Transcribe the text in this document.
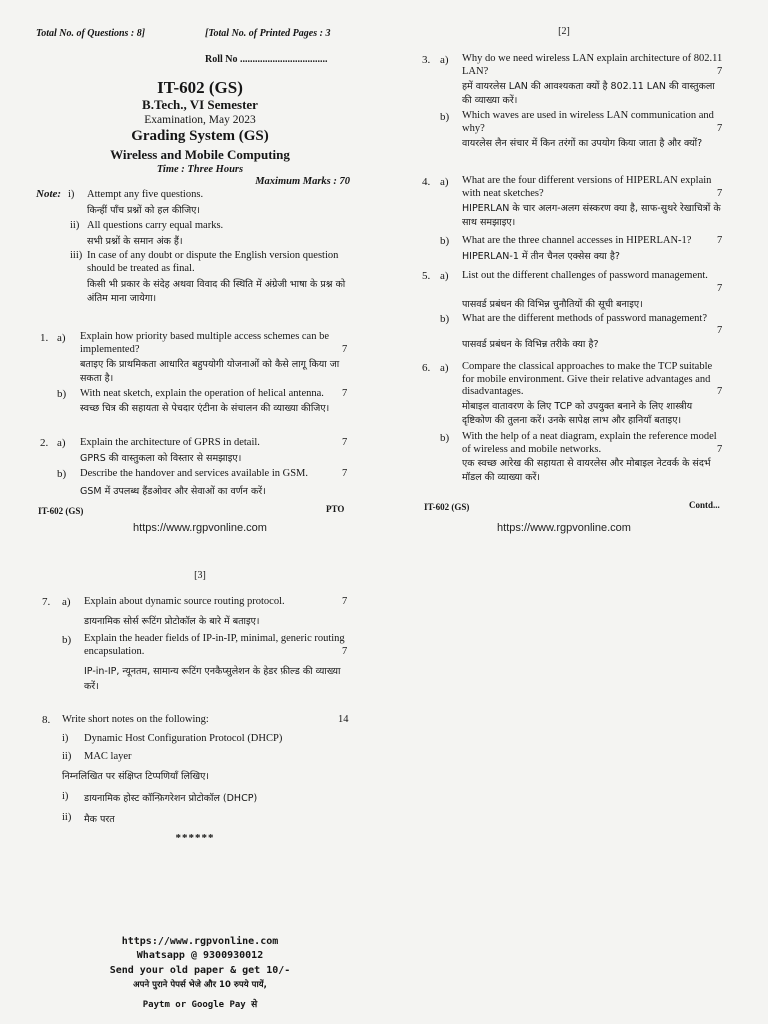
Total No. of Questions : 8]	[Total No. of Printed Pages : 3
Roll No ...................................
IT-602 (GS)
B.Tech., VI Semester
Examination, May 2023
Grading System (GS)
Wireless and Mobile Computing
Time : Three Hours
Maximum Marks : 70
Note: i) Attempt any five questions.
किन्हीं पाँच प्रश्नों को हल कीजिए।
ii) All questions carry equal marks.
सभी प्रश्नों के समान अंक हैं।
iii) In case of any doubt or dispute the English version question should be treated as final.
किसी भी प्रकार के संदेह अथवा विवाद की स्थिति में अंग्रेजी भाषा के प्रश्न को अंतिम माना जायेगा।
1. a) Explain how priority based multiple access schemes can be implemented?	7
बताइए कि प्राथमिकता आधारित बहुपयोगी योजनाओं को कैसे लागू किया जा सकता है।
b) With neat sketch, explain the operation of helical antenna. 7
स्वच्छ चित्र की सहायता से पेचदार एंटीना के संचालन की व्याख्या कीजिए।
2. a) Explain the architecture of GPRS in detail.	7
GPRS की वास्तुकला को विस्तार से समझाइए।
b) Describe the handover and services available in GSM.	7
GSM में उपलब्ध हैंडओवर और सेवाओं का वर्णन करें।
IT-602 (GS)	PTO
https://www.rgpvonline.com
[2]
3. a) Why do we need wireless LAN explain architecture of 802.11 LAN?	7
हमें वायरलेस LAN की आवश्यकता क्यों है 802.11 LAN की वास्तुकला की व्याख्या करें।
b) Which waves are used in wireless LAN communication and why?	7
वायरलेस लैन संचार में किन तरंगों का उपयोग किया जाता है और क्यों?
4. a) What are the four different versions of HIPERLAN explain with neat sketches?	7
HIPERLAN के चार अलग-अलग संस्करण क्या है, साफ-सुथरे रेखाचित्रों के साथ समझाइए।
b) What are the three channel accesses in HIPERLAN-1? 7
HIPERLAN-1 में तीन चैनल एक्सेस क्या है?
5. a) List out the different challenges of password management.
7
पासवर्ड प्रबंधन की विभिन्न चुनौतियों की सूची बनाइए।
b) What are the different methods of password management?
7
पासवर्ड प्रबंधन के विभिन्न तरीके क्या है?
6. a) Compare the classical approaches to make the TCP suitable for mobile environment. Give their relative advantages and disadvantages.	7
मोबाइल वातावरण के लिए TCP को उपयुक्त बनाने के लिए शास्त्रीय दृष्टिकोण की तुलना करें। उनके सापेक्ष लाभ और हानियाँ बताइए।
b) With the help of a neat diagram, explain the reference model of wireless and mobile networks.	7
एक स्वच्छ आरेख की सहायता से वायरलेस और मोबाइल नेटवर्क के संदर्भ मॉडल की व्याख्या करें।
IT-602 (GS)	Contd...
https://www.rgpvonline.com
[3]
7. a) Explain about dynamic source routing protocol.	7
डायनामिक सोर्स रूटिंग प्रोटोकॉल के बारे में बताइए।
b) Explain the header fields of IP-in-IP, minimal, generic routing encapsulation.	7
IP-in-IP, न्यूनतम, सामान्य रूटिंग एनकैप्सुलेशन के हेडर फ़ील्ड की व्याख्या करें।
8. Write short notes on the following:	14
i) Dynamic Host Configuration Protocol (DHCP)
ii) MAC layer
निम्नलिखित पर संक्षिप्त टिप्पणियाँ लिखिए।
i) डायनामिक होस्ट कॉन्फ़िगरेशन प्रोटोकॉल (DHCP)
ii) मैक परत
******
https://www.rgpvonline.com
Whatsapp @ 9300930012
Send your old paper & get 10/-
अपने पुराने पेपर्स भेजे और 10 रुपये पायें,
Paytm or Google Pay से
